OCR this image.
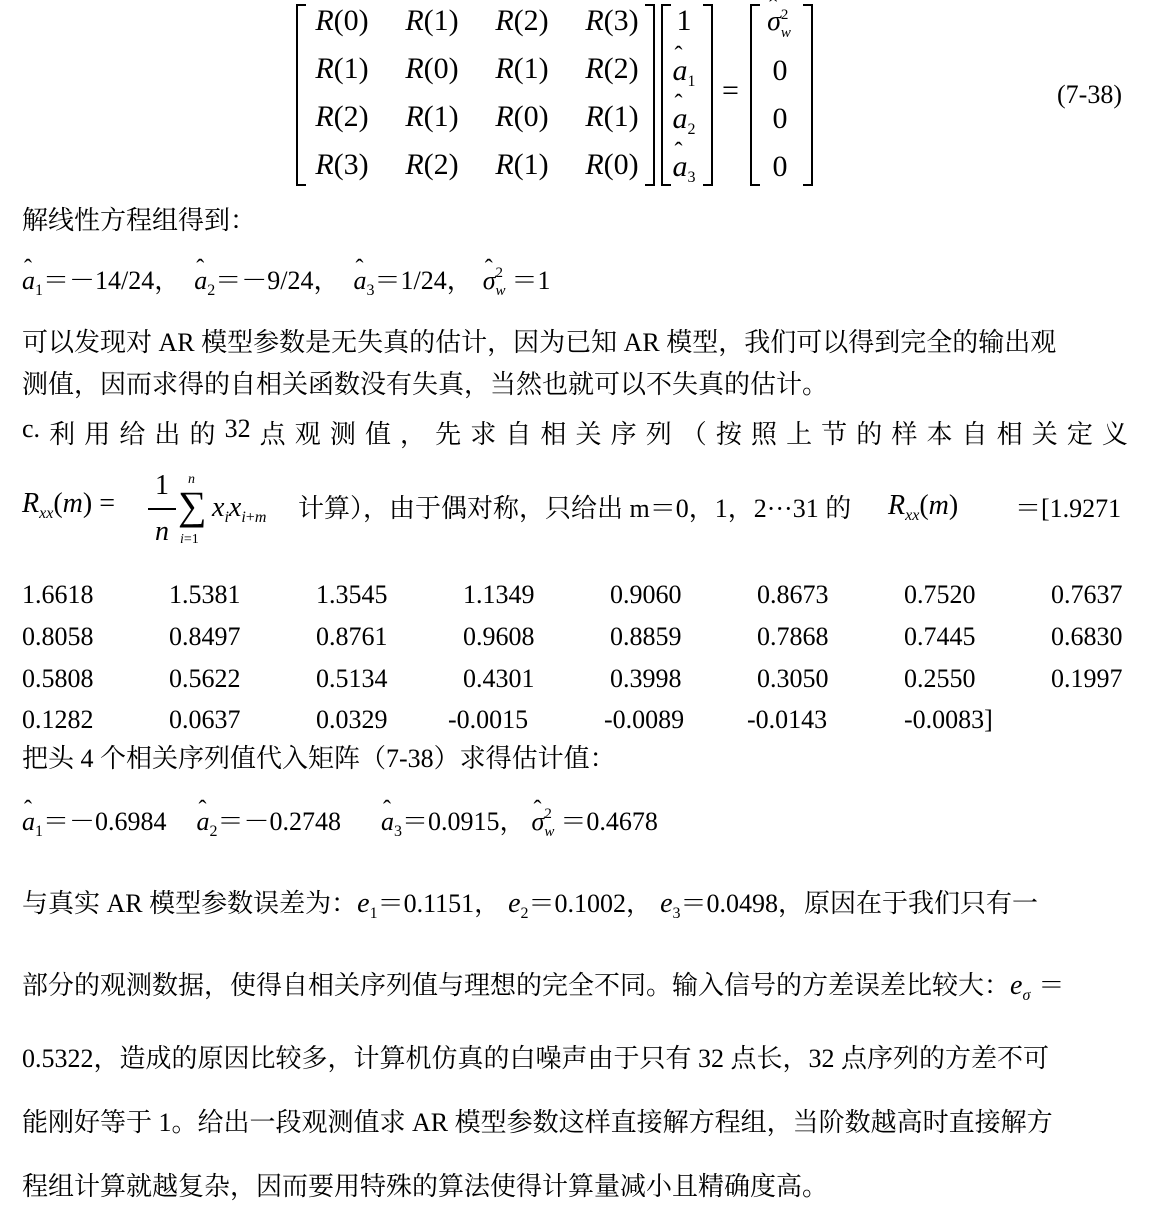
R(0)	R(1)	R(2)	R(3)
R(1)	R(0)	R(1)	R(2)
R(2)	R(1)	R(0)	R(1)
R(3)	R(2)	R(1)	R(0)
1
ˆ $a_1$
ˆ $a_2$
ˆ $a_3$
=
ˆ σ 2
w
0
0
0
(7-38)
解线性方程组得到：
ˆ $a_1=-14/24$，ˆ $a_2=-9/24$，ˆ $a_3=1/24$，ˆ σ 2
w ＝1
可以发现对 AR 模型参数是无失真的估计，因为已知 AR 模型，我们可以得到完全的输出观
测值，因而求得的自相关函数没有失真，当然也就可以不失真的估计。
c. 利 用 给 出 的 32 点 观 测 值 ， 先 求 自 相 关 序 列 （ 按 照 上 节 的 样 本 自 相 关 定 义
$R_{xx}(m)$ =
1
n
n
∑
i=1
$x_ix_{i+m}$ 计算），由于偶对称，只给出 m＝0，1，2···31 的 $R_{xx}(m) =[1.9271$
1.6618	1.5381	1.3545	1.1349	0.9060	0.8673	0.7520	0.7637
0.8058	0.8497	0.8761	0.9608	0.8859	0.7868	0.7445	0.6830
0.5808	0.5622	0.5134	0.4301	0.3998	0.3050	0.2550	0.1997
0.1282	0.0637	0.0329 -0.0015	-0.0089 -0.0143	-0.0083]
把头 4 个相关序列值代入矩阵（7-38）求得估计值：
ˆ $a_1=-0.6984ˆ$ $a_2=-0.2748ˆ$ $a_3=0.0915$，ˆ σ 2
w ＝0.4678
与真实 AR 模型参数误差为：$e_1=0.1151$， $e_2=0.1002$， $e_3=0.0498$，原因在于我们只有一
部分的观测数据，使得自相关序列值与理想的完全不同。输入信号的方差误差比较大：$e_\sigma$ ＝
0.5322，造成的原因比较多，计算机仿真的白噪声由于只有 32 点长，32 点序列的方差不可
能刚好等于 1。给出一段观测值求 AR 模型参数这样直接解方程组，当阶数越高时直接解方
程组计算就越复杂，因而要用特殊的算法使得计算量减小且精确度高。
